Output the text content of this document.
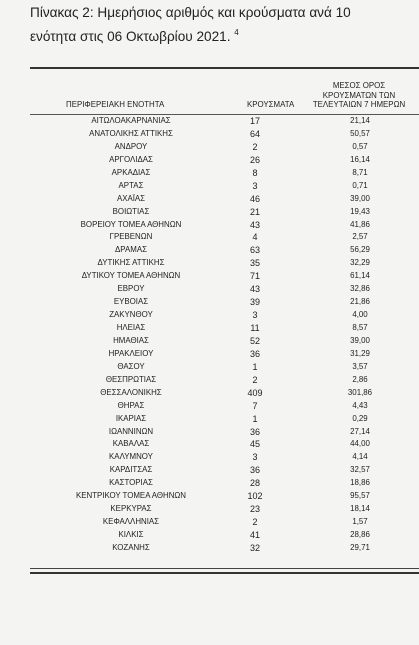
Πίνακας 2: Ημερήσιος αριθμός και κρούσματα ανά 10
ενότητα στις 06 Οκτωβρίου 2021. $^4$
ΠΕΡΙΦΕΡΕΙΑΚΗ ΕΝΟΤΗΤΑ	ΚΡΟΥΣΜΑΤΑ
ΜΕΣΟΣ ΟΡΟΣ
ΚΡΟΥΣΜΑΤΩΝ ΤΩΝ
ΤΕΛΕΥΤΑΙΩΝ 7 ΗΜΕΡΩΝ
ΑΙΤΩΛΟΑΚΑΡΝΑΝΙΑΣ	17	21,14
ΑΝΑΤΟΛΙΚΗΣ ΑΤΤΙΚΗΣ	64	50,57
ΑΝΔΡΟΥ	2	0,57
ΑΡΓΟΛΙΔΑΣ	26	16,14
ΑΡΚΑΔΙΑΣ	8	8,71
ΑΡΤΑΣ	3	0,71
ΑΧΑΪΑΣ	46	39,00
ΒΟΙΩΤΙΑΣ	21	19,43
ΒΟΡΕΙΟΥ ΤΟΜΕΑ ΑΘΗΝΩΝ	43	41,86
ΓΡΕΒΕΝΩΝ	4	2,57
ΔΡΑΜΑΣ	63	56,29
ΔΥΤΙΚΗΣ ΑΤΤΙΚΗΣ	35	32,29
ΔΥΤΙΚΟΥ ΤΟΜΕΑ ΑΘΗΝΩΝ	71	61,14
ΕΒΡΟΥ	43	32,86
ΕΥΒΟΙΑΣ	39	21,86
ΖΑΚΥΝΘΟΥ	3	4,00
ΗΛΕΙΑΣ	11	8,57
ΗΜΑΘΙΑΣ	52	39,00
ΗΡΑΚΛΕΙΟΥ	36	31,29
ΘΑΣΟΥ	1	3,57
ΘΕΣΠΡΩΤΙΑΣ	2	2,86
ΘΕΣΣΑΛΟΝΙΚΗΣ	409	301,86
ΘΗΡΑΣ	7	4,43
ΙΚΑΡΙΑΣ	1	0,29
ΙΩΑΝΝΙΝΩΝ	36	27,14
ΚΑΒΑΛΑΣ	45	44,00
ΚΑΛΥΜΝΟΥ	3	4,14
ΚΑΡΔΙΤΣΑΣ	36	32,57
ΚΑΣΤΟΡΙΑΣ	28	18,86
ΚΕΝΤΡΙΚΟΥ ΤΟΜΕΑ ΑΘΗΝΩΝ	102	95,57
ΚΕΡΚΥΡΑΣ	23	18,14
ΚΕΦΑΛΛΗΝΙΑΣ	2	1,57
ΚΙΛΚΙΣ	41	28,86
ΚΟΖΑΝΗΣ	32	29,71
